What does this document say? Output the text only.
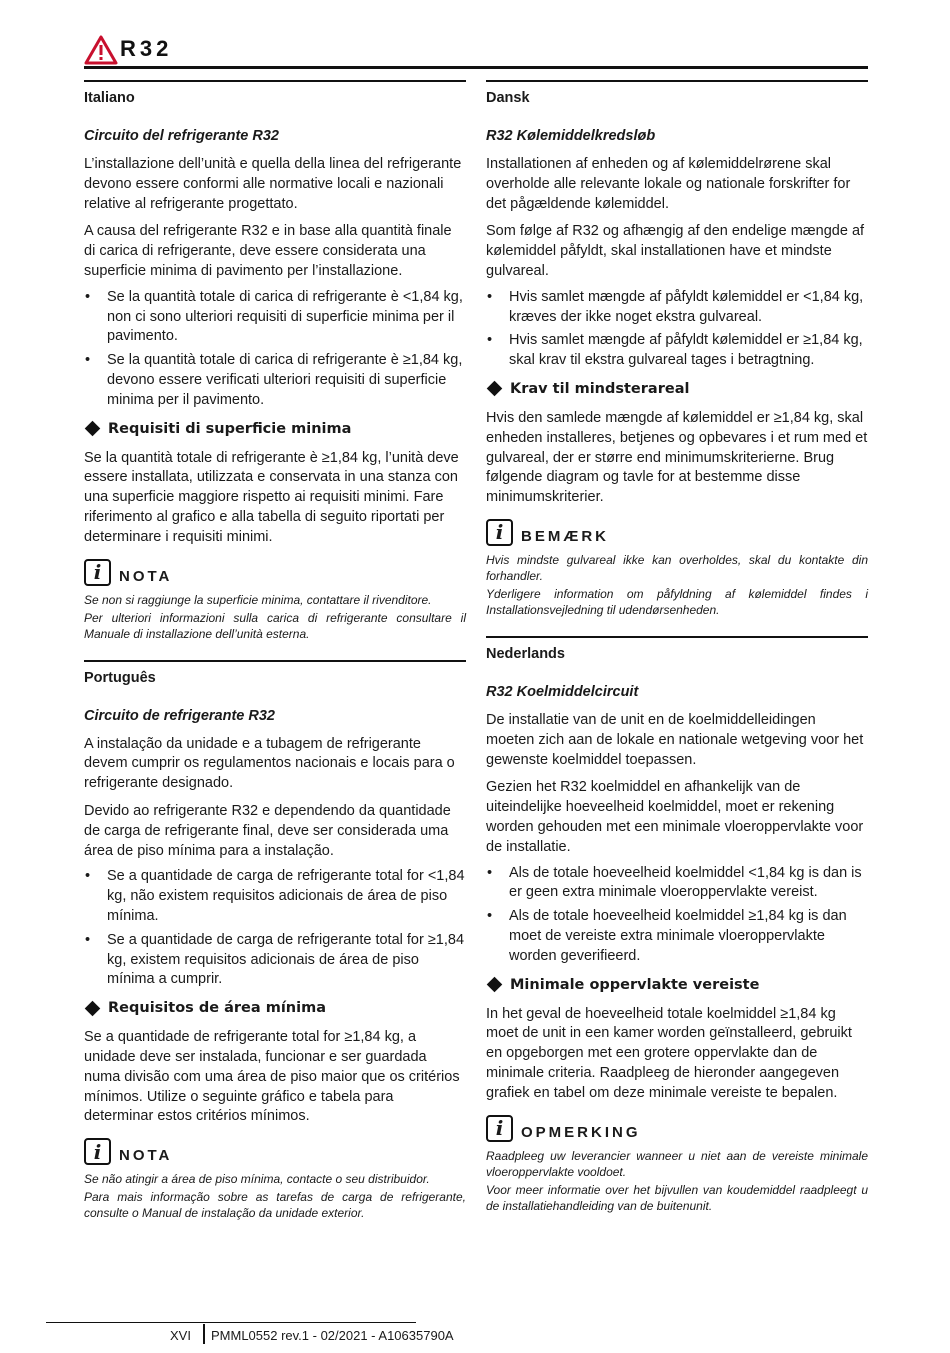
R32

Italiano

Circuito del refrigerante R32

L’installazione dell’unità e quella della linea del refrigerante devono essere conformi alle normative locali e nazionali relative al refrigerante progettato.

A causa del refrigerante R32 e in base alla quantità finale di carica di refrigerante, deve essere considerata una superficie minima di pavimento per l’installazione.

• Se la quantità totale di carica di refrigerante è <1,84 kg, non ci sono ulteriori requisiti di superficie minima per il pavimento.
• Se la quantità totale di carica di refrigerante è ≥1,84 kg, devono essere verificati ulteriori requisiti di superficie minima per il pavimento.
Requisiti di superficie minima

Se la quantità totale di refrigerante è ≥1,84 kg, l’unità deve essere installata, utilizzata e conservata in una stanza con una superficie maggiore rispetto ai requisiti minimi. Fare riferimento al grafico e alla tabella di seguito riportati per determinare i requisiti minimi.

i	NOTA

Se non si raggiunge la superficie minima, contattare il rivenditore.

Per ulteriori informazioni sulla carica di refrigerante consultare il Manuale di installazione dell’unità esterna.

Português

Circuito de refrigerante R32

A instalação da unidade e a tubagem de refrigerante devem cumprir os regulamentos nacionais e locais para o refrigerante designado.

Devido ao refrigerante R32 e dependendo da quantidade de carga de refrigerante final, deve ser considerada uma área de piso mínima para a instalação.

• Se a quantidade de carga de refrigerante total for <1,84 kg, não existem requisitos adicionais de área de piso mínima.
• Se a quantidade de carga de refrigerante total for ≥1,84 kg, existem requisitos adicionais de área de piso mínima a cumprir.
Requisitos de área mínima

Se a quantidade de refrigerante total for ≥1,84 kg, a unidade deve ser instalada, funcionar e ser guardada numa divisão com uma área de piso maior que os critérios mínimos. Utilize o seguinte gráfico e tabela para determinar estos critérios mínimos.

i	NOTA

Se não atingir a área de piso mínima, contacte o seu distribuidor.

Para mais informação sobre as tarefas de carga de refrigerante, consulte o Manual de instalação da unidade exterior.

Dansk

R32 Kølemiddelkredsløb

Installationen af enheden og af kølemiddelrørene skal overholde alle relevante lokale og nationale forskrifter for det pågældende kølemiddel.

Som følge af R32 og afhængig af den endelige mængde af kølemiddel påfyldt, skal installationen have et mindste gulvareal.

• Hvis samlet mængde af påfyldt kølemiddel er <1,84 kg, kræves der ikke noget ekstra gulvareal.
• Hvis samlet mængde af påfyldt kølemiddel er ≥1,84 kg, skal krav til ekstra gulvareal tages i betragtning.
Krav til mindsterareal

Hvis den samlede mængde af kølemiddel er ≥1,84 kg, skal enheden installeres, betjenes og opbevares i et rum med et gulvareal, der er større end minimumskriterierne. Brug følgende diagram og tavle for at bestemme disse minimumskriterier.

i	BEMÆRK

Hvis mindste gulvareal ikke kan overholdes, skal du kontakte din forhandler.

Yderligere information om påfyldning af kølemiddel findes i Installationsvejledning til udendørsenheden.

Nederlands

R32 Koelmiddelcircuit

De installatie van de unit en de koelmiddelleidingen moeten zich aan de lokale en nationale wetgeving voor het gewenste koelmiddel toepassen.

Gezien het R32 koelmiddel en afhankelijk van de uiteindelijke hoeveelheid koelmiddel, moet er rekening worden gehouden met een minimale vloeroppervlakte voor de installatie.

• Als de totale hoeveelheid koelmiddel <1,84 kg is dan is er geen extra minimale vloeroppervlakte vereist.
• Als de totale hoeveelheid koelmiddel ≥1,84 kg is dan moet de vereiste extra minimale vloeroppervlakte worden geverifieerd.
Minimale oppervlakte vereiste

In het geval de hoeveelheid totale koelmiddel ≥1,84 kg moet de unit in een kamer worden geïnstalleerd, gebruikt en opgeborgen met een grotere oppervlakte dan de minimale criteria. Raadpleeg de hieronder aangegeven grafiek en tabel om deze minimale vereiste te bepalen.

i	OPMERKING

Raadpleeg uw leverancier wanneer u niet aan de vereiste minimale vloeroppervlakte vooldoet.

Voor meer informatie over het bijvullen van koudemiddel raadpleegt u de installatiehandleiding van de buitenunit.

XVI PMML0552 rev.1 - 02/2021 - A10635790A
